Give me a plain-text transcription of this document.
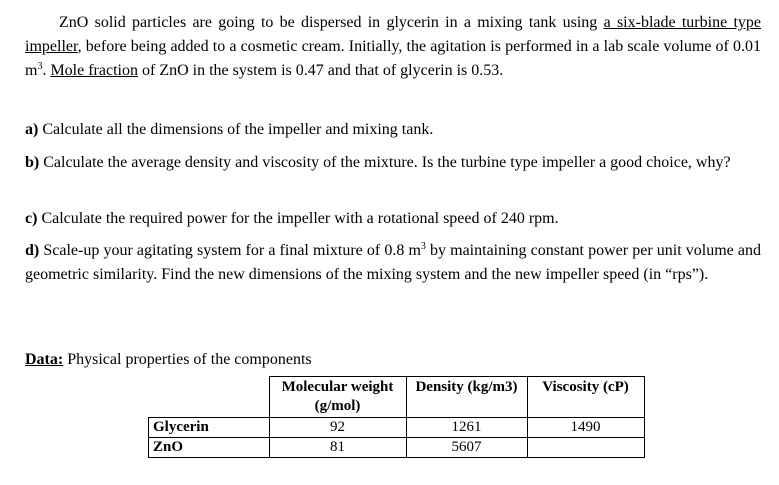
ZnO solid particles are going to be dispersed in glycerin in a mixing tank using a six-blade turbine type impeller, before being added to a cosmetic cream. Initially, the agitation is performed in a lab scale volume of 0.01 $m^3$. Mole fraction of ZnO in the system is 0.47 and that of glycerin is 0.53.

a) Calculate all the dimensions of the impeller and mixing tank.

b) Calculate the average density and viscosity of the mixture. Is the turbine type impeller a good choice, why?

c) Calculate the required power for the impeller with a rotational speed of 240 rpm.

d) Scale-up your agitating system for a final mixture of 0.8 $m^3$ by maintaining constant power per unit volume and geometric similarity. Find the new dimensions of the mixing system and the new impeller speed (in “rps”).

Data: Physical properties of the components

	Molecular weight (g/mol)	Density (kg/m3)	Viscosity (cP)
Glycerin	92	1261	1490
ZnO	81	5607	
